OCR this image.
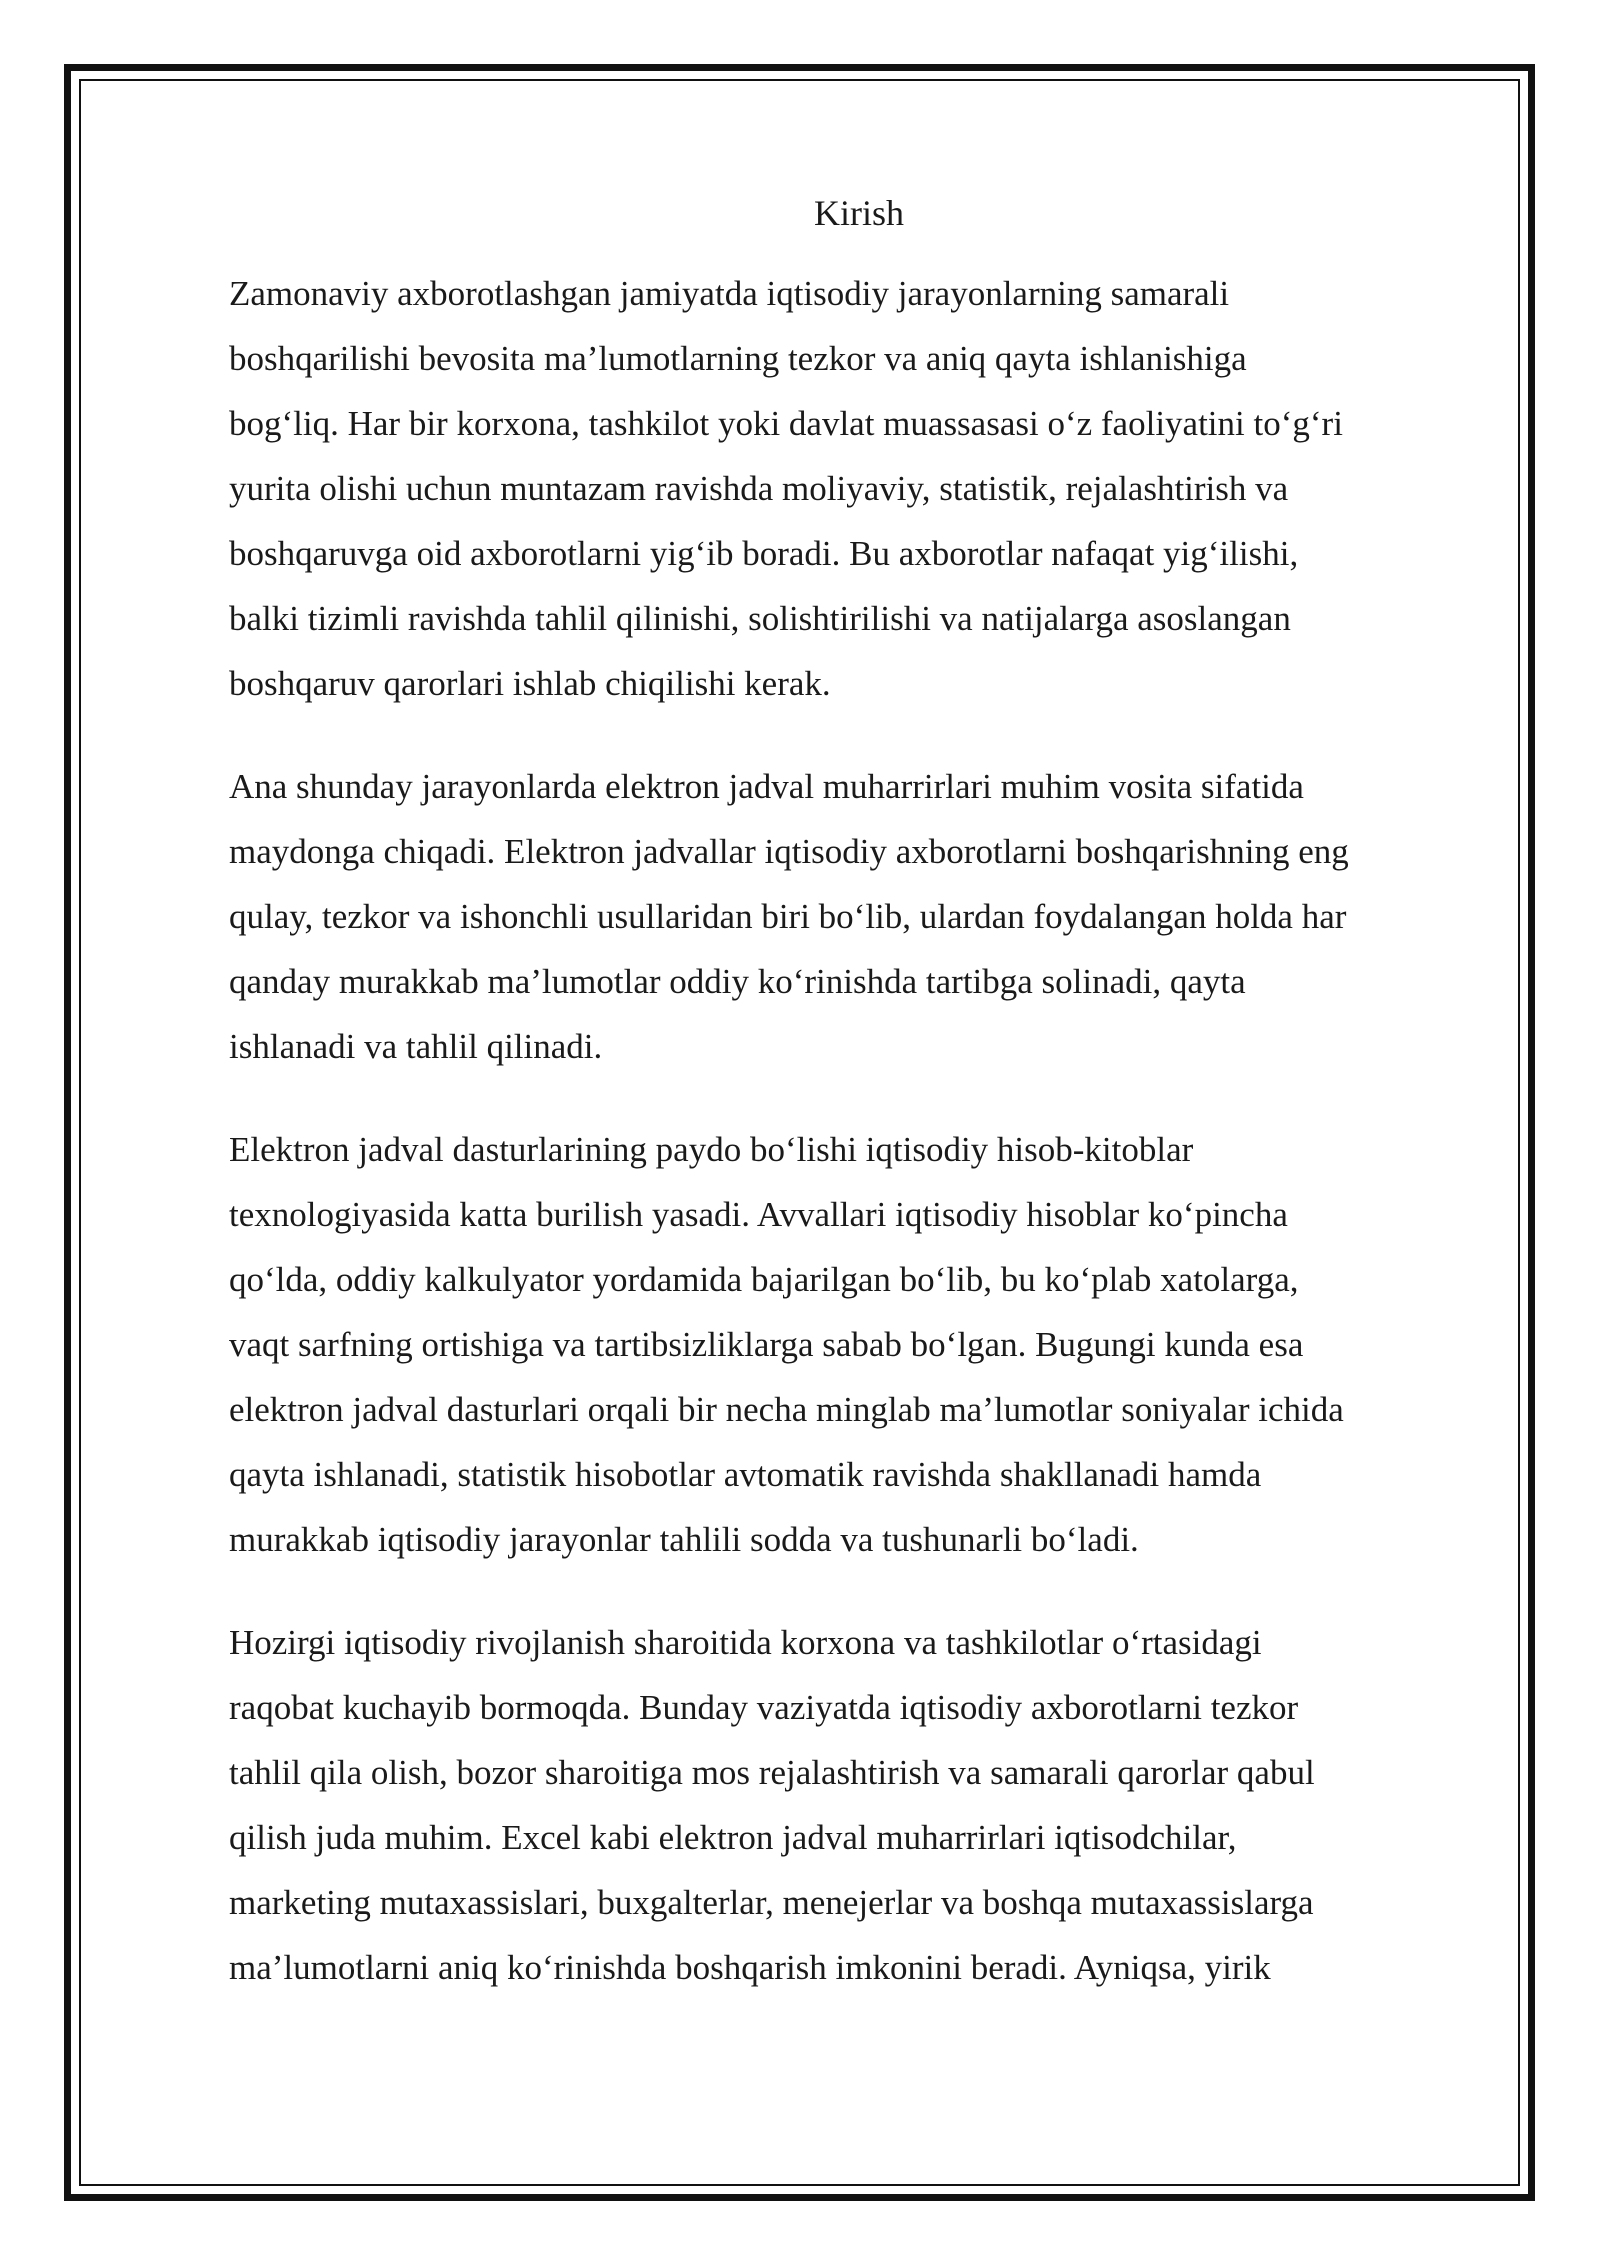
Kirish

Zamonaviy axborotlashgan jamiyatda iqtisodiy jarayonlarning samarali
boshqarilishi bevosita ma’lumotlarning tezkor va aniq qayta ishlanishiga
bog‘liq. Har bir korxona, tashkilot yoki davlat muassasasi o‘z faoliyatini to‘g‘ri
yurita olishi uchun muntazam ravishda moliyaviy, statistik, rejalashtirish va
boshqaruvga oid axborotlarni yig‘ib boradi. Bu axborotlar nafaqat yig‘ilishi,
balki tizimli ravishda tahlil qilinishi, solishtirilishi va natijalarga asoslangan
boshqaruv qarorlari ishlab chiqilishi kerak.

Ana shunday jarayonlarda elektron jadval muharrirlari muhim vosita sifatida
maydonga chiqadi. Elektron jadvallar iqtisodiy axborotlarni boshqarishning eng
qulay, tezkor va ishonchli usullaridan biri bo‘lib, ulardan foydalangan holda har
qanday murakkab ma’lumotlar oddiy ko‘rinishda tartibga solinadi, qayta
ishlanadi va tahlil qilinadi.

Elektron jadval dasturlarining paydo bo‘lishi iqtisodiy hisob-kitoblar
texnologiyasida katta burilish yasadi. Avvallari iqtisodiy hisoblar ko‘pincha
qo‘lda, oddiy kalkulyator yordamida bajarilgan bo‘lib, bu ko‘plab xatolarga,
vaqt sarfning ortishiga va tartibsizliklarga sabab bo‘lgan. Bugungi kunda esa
elektron jadval dasturlari orqali bir necha minglab ma’lumotlar soniyalar ichida
qayta ishlanadi, statistik hisobotlar avtomatik ravishda shakllanadi hamda
murakkab iqtisodiy jarayonlar tahlili sodda va tushunarli bo‘ladi.

Hozirgi iqtisodiy rivojlanish sharoitida korxona va tashkilotlar o‘rtasidagi
raqobat kuchayib bormoqda. Bunday vaziyatda iqtisodiy axborotlarni tezkor
tahlil qila olish, bozor sharoitiga mos rejalashtirish va samarali qarorlar qabul
qilish juda muhim. Excel kabi elektron jadval muharrirlari iqtisodchilar,
marketing mutaxassislari, buxgalterlar, menejerlar va boshqa mutaxassislarga
ma’lumotlarni aniq ko‘rinishda boshqarish imkonini beradi. Ayniqsa, yirik
